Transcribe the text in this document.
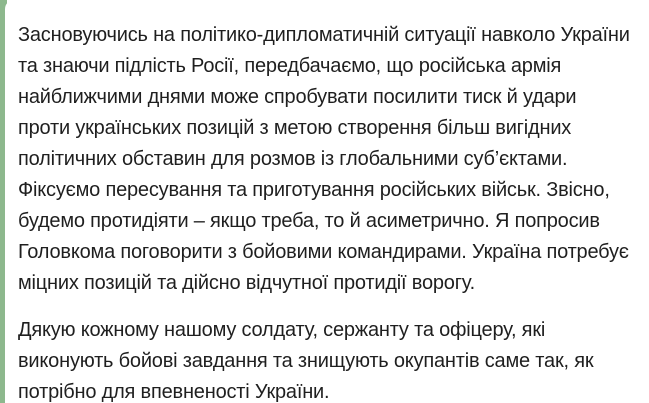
Засновуючись на політико-дипломатичній ситуації навколо України та знаючи підлість Росії, передбачаємо, що російська армія найближчими днями може спробувати посилити тиск й удари проти українських позицій з метою створення більш вигідних політичних обставин для розмов із глобальними суб’єктами. Фіксуємо пересування та приготування російських військ. Звісно, будемо протидіяти – якщо треба, то й асиметрично. Я попросив Головкома поговорити з бойовими командирами. Україна потребує міцних позицій та дійсно відчутної протидії ворогу.

Дякую кожному нашому солдату, сержанту та офіцеру, які виконують бойові завдання та знищують окупантів саме так, як потрібно для впевненості України.
